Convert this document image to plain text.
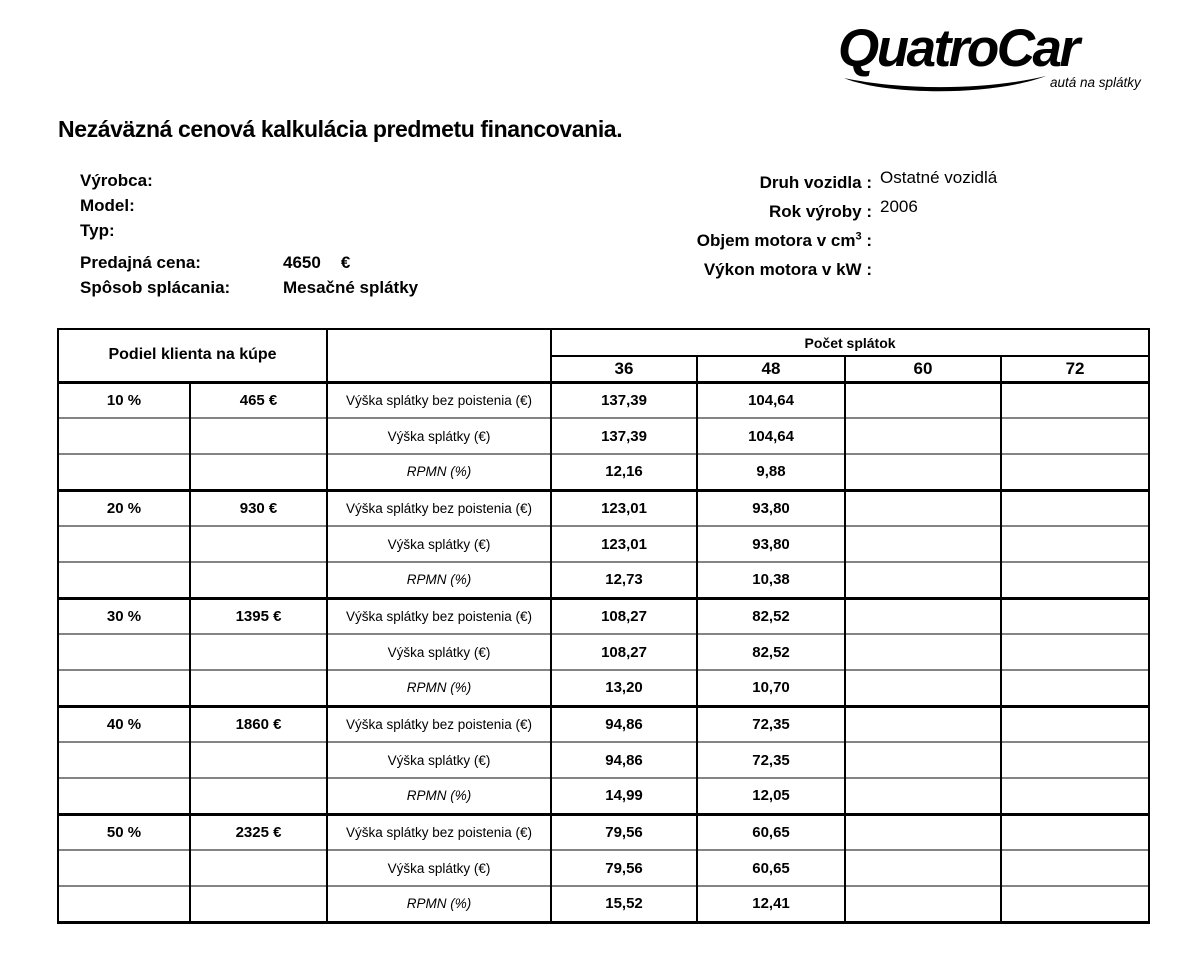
QuatroCar
autá na splátky
Nezáväzná cenová kalkulácia predmetu financovania.
Výrobca:
Model:
Typ:
Predajná cena:	4650 €
Spôsob splácania:	Mesačné splátky
Druh vozidla : Ostatné vozidlá
Rok výroby : 2006
Objem motora v $cm^3$ :
Výkon motora v kW :
Podiel klienta na kúpe			Počet splátok			
			36	48	60	72
10 %	465 €	Výška splátky bez poistenia (€)	137,39	104,64		
		Výška splátky (€)	137,39	104,64		
		RPMN (%)	12,16	9,88		
20 %	930 €	Výška splátky bez poistenia (€)	123,01	93,80		
		Výška splátky (€)	123,01	93,80		
		RPMN (%)	12,73	10,38		
30 %	1395 €	Výška splátky bez poistenia (€)	108,27	82,52		
		Výška splátky (€)	108,27	82,52		
		RPMN (%)	13,20	10,70		
40 %	1860 €	Výška splátky bez poistenia (€)	94,86	72,35		
		Výška splátky (€)	94,86	72,35		
		RPMN (%)	14,99	12,05		
50 %	2325 €	Výška splátky bez poistenia (€)	79,56	60,65		
		Výška splátky (€)	79,56	60,65		
		RPMN (%)	15,52	12,41		
